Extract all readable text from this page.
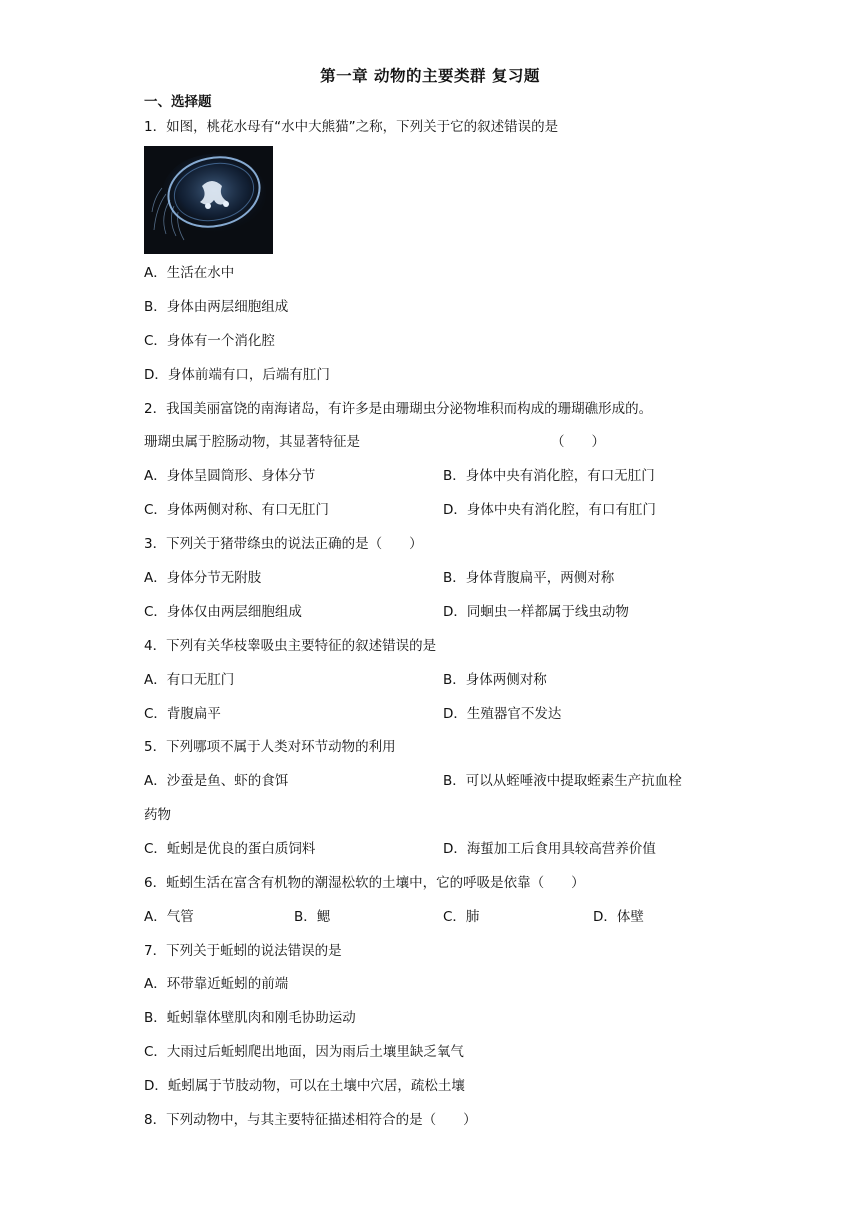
第一章 动物的主要类群 复习题
一、选择题
1．如图，桃花水母有“水中大熊猫”之称，下列关于它的叙述错误的是
A．生活在水中
B．身体由两层细胞组成
C．身体有一个消化腔
D．身体前端有口，后端有肛门
2．我国美丽富饶的南海诸岛，有许多是由珊瑚虫分泌物堆积而构成的珊瑚礁形成的。
珊瑚虫属于腔肠动物，其显著特征是	（　　）
A．身体呈圆筒形、身体分节	B．身体中央有消化腔，有口无肛门
C．身体两侧对称、有口无肛门	D．身体中央有消化腔，有口有肛门
3．下列关于猪带绦虫的说法正确的是（　　）
A．身体分节无附肢	B．身体背腹扁平，两侧对称
C．身体仅由两层细胞组成	D．同蛔虫一样都属于线虫动物
4．下列有关华枝睾吸虫主要特征的叙述错误的是
A．有口无肛门	B．身体两侧对称
C．背腹扁平	D．生殖器官不发达
5．下列哪项不属于人类对环节动物的利用
A．沙蚕是鱼、虾的食饵	B．可以从蛭唾液中提取蛭素生产抗血栓
药物
C．蚯蚓是优良的蛋白质饲料	D．海蜇加工后食用具较高营养价值
6．蚯蚓生活在富含有机物的潮湿松软的土壤中，它的呼吸是依靠（　　）
A．气管	B．鳃	C．肺	D．体壁
7．下列关于蚯蚓的说法错误的是
A．环带靠近蚯蚓的前端
B．蚯蚓靠体壁肌肉和刚毛协助运动
C．大雨过后蚯蚓爬出地面，因为雨后土壤里缺乏氧气
D．蚯蚓属于节肢动物，可以在土壤中穴居，疏松土壤
8．下列动物中，与其主要特征描述相符合的是（　　）
